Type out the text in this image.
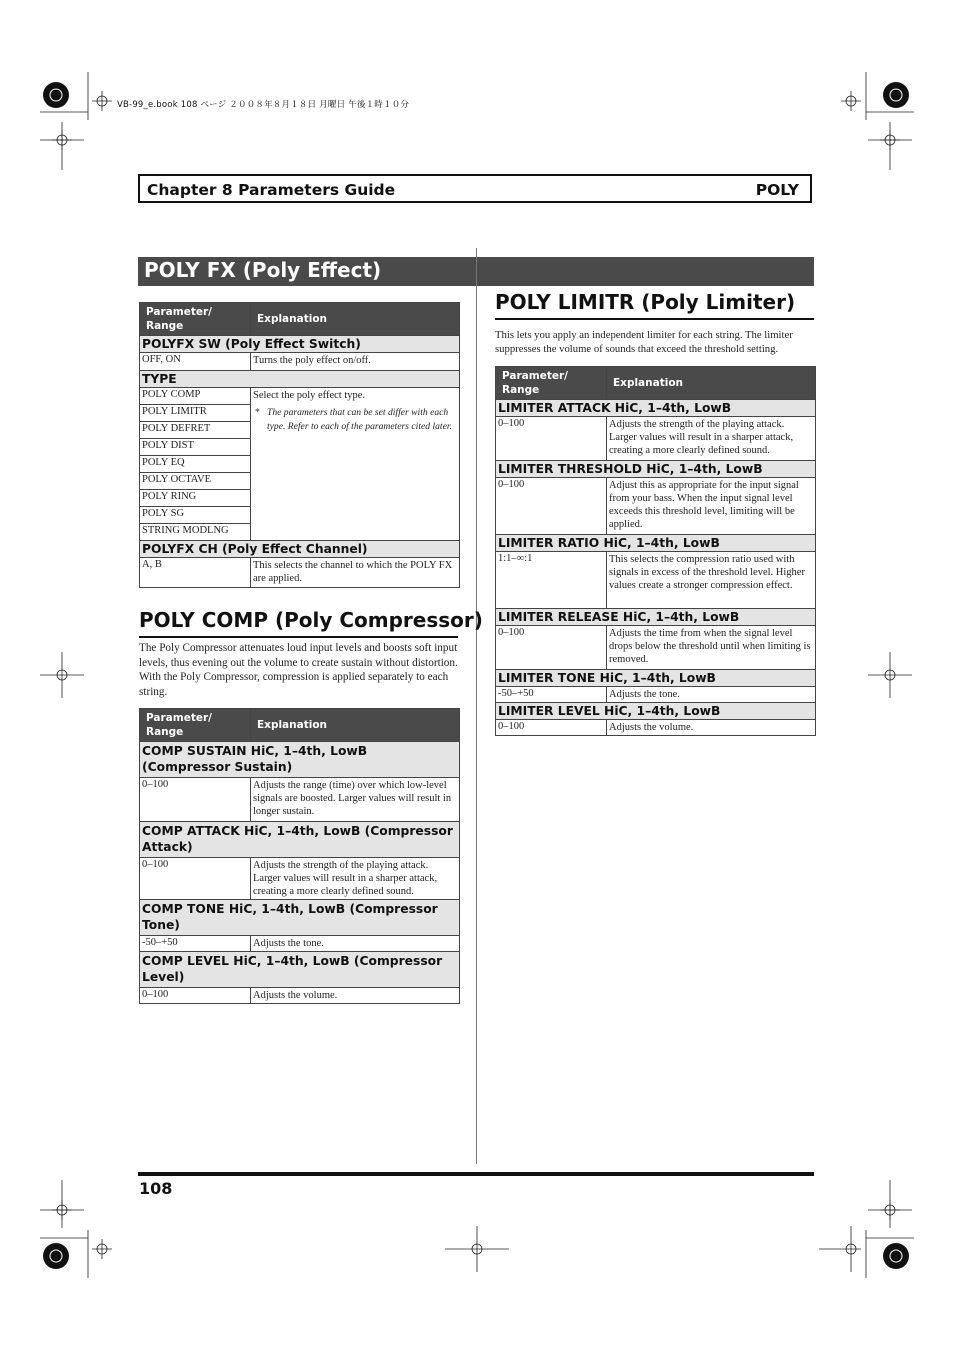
VB-99_e.book 108 ページ ２００８年８月１８日 月曜日 午後１時１０分
Chapter 8 Parameters Guide	POLY
POLY FX (Poly Effect)
Parameter/ Range	Explanation
POLYFX SW (Poly Effect Switch)	
OFF, ON	Turns the poly effect on/off.
TYPE	
POLY COMP	Select the poly effect type.
* The parameters that can be set differ with each type. Refer to each of the parameters cited later.

POLY LIMITR	
POLY DEFRET	
POLY DIST	
POLY EQ	
POLY OCTAVE	
POLY RING	
POLY SG	
STRING MODLNG	
POLYFX CH (Poly Effect Channel)	
A, B	This selects the channel to which the POLY FX are applied.
POLY COMP (Poly Compressor)
The Poly Compressor attenuates loud input levels and boosts soft input levels, thus evening out the volume to create sustain without distortion. With the Poly Compressor, compression is applied separately to each string.
Parameter/ Range	Explanation
COMP SUSTAIN HiC, 1–4th, LowB (Compressor Sustain)	
0–100	Adjusts the range (time) over which low-level signals are boosted. Larger values will result in longer sustain.
COMP ATTACK HiC, 1–4th, LowB (Compressor Attack)	
0–100	Adjusts the strength of the playing attack. Larger values will result in a sharper attack, creating a more clearly defined sound.
COMP TONE HiC, 1–4th, LowB (Compressor Tone)	
-50–+50	Adjusts the tone.
COMP LEVEL HiC, 1–4th, LowB (Compressor Level)	
0–100	Adjusts the volume.
POLY LIMITR (Poly Limiter)
This lets you apply an independent limiter for each string. The limiter suppresses the volume of sounds that exceed the threshold setting.
Parameter/ Range	Explanation
LIMITER ATTACK HiC, 1–4th, LowB	
0–100	Adjusts the strength of the playing attack. Larger values will result in a sharper attack, creating a more clearly defined sound.
LIMITER THRESHOLD HiC, 1–4th, LowB	
0–100	Adjust this as appropriate for the input signal from your bass. When the input signal level exceeds this threshold level, limiting will be applied.
LIMITER RATIO HiC, 1–4th, LowB	
1:1–∞:1	This selects the compression ratio used with signals in excess of the threshold level. Higher values create a stronger compression effect.
LIMITER RELEASE HiC, 1–4th, LowB	
0–100	Adjusts the time from when the signal level drops below the threshold until when limiting is removed.
LIMITER TONE HiC, 1–4th, LowB	
-50–+50	Adjusts the tone.
LIMITER LEVEL HiC, 1–4th, LowB	
0–100	Adjusts the volume.
108
